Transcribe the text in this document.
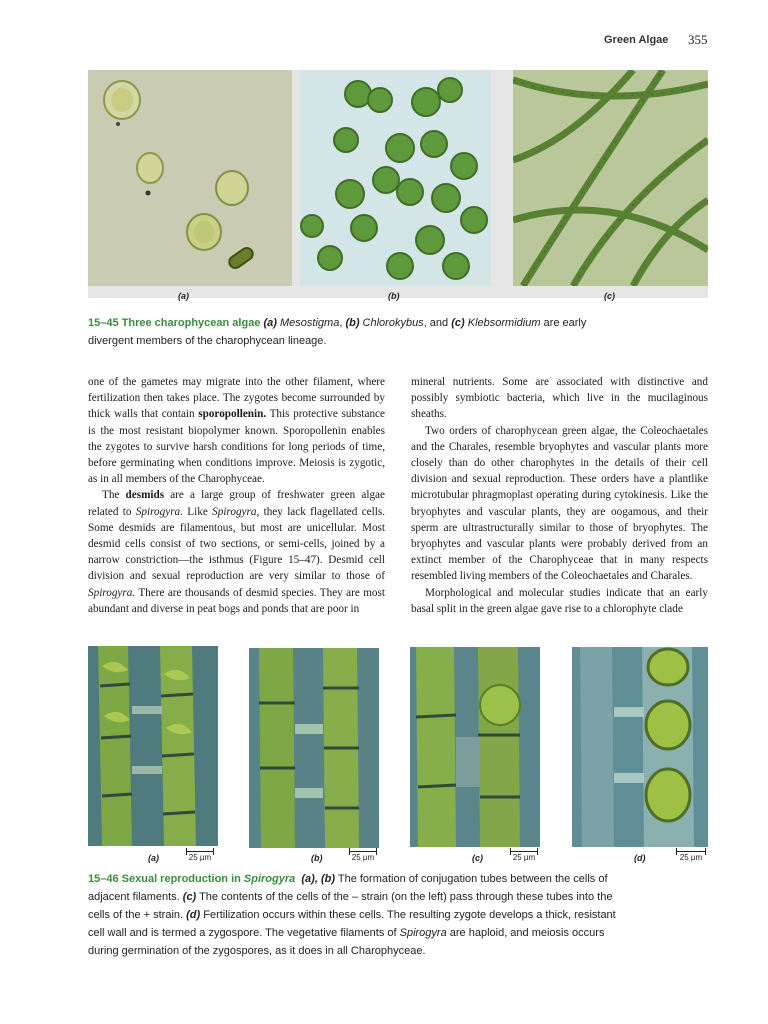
Green Algae 355
(a)	(b)	(c)
15–45 Three charophycean algae (a) Mesostigma, (b) Chlorokybus, and (c) Klebsormidium are early
divergent members of the charophycean lineage.

one of the gametes may migrate into the other filament, where fertilization then takes place. The zygotes become surrounded by thick walls that contain sporopollenin. This protective substance is the most resistant biopolymer known. Sporopollenin enables the zygotes to survive harsh conditions for long periods of time, before germinating when conditions improve. Meiosis is zygotic, as in all members of the Charophyceae.

The desmids are a large group of freshwater green algae related to Spirogyra. Like Spirogyra, they lack flagellated cells. Some desmids are filamentous, but most are unicellular. Most desmid cells consist of two sections, or semi-cells, joined by a narrow constriction—the isthmus (Figure 15–47). Desmid cell division and sexual reproduction are very similar to those of Spirogyra. There are thousands of desmid species. They are most abundant and diverse in peat bogs and ponds that are poor in

mineral nutrients. Some are associated with distinctive and possibly symbiotic bacteria, which live in the mucilaginous sheaths.

Two orders of charophycean green algae, the Coleochaetales and the Charales, resemble bryophytes and vascular plants more closely than do other charophytes in the details of their cell division and sexual reproduction. These orders have a plantlike microtubular phragmoplast operating during cytokinesis. Like the bryophytes and vascular plants, they are oogamous, and their sperm are ultrastructurally similar to those of bryophytes. The bryophytes and vascular plants were probably derived from an extinct member of the Charophyceae that in many respects resembled living members of the Coleochaetales and Charales.

Morphological and molecular studies indicate that an early basal split in the green algae gave rise to a chlorophyte clade

(a)	25 μm	(b)	25 μm	(c)	25 μm	(d)	25 μm
15–46 Sexual reproduction in Spirogyra (a), (b) The formation of conjugation tubes between the cells of
adjacent filaments. (c) The contents of the cells of the – strain (on the left) pass through these tubes into the
cells of the + strain. (d) Fertilization occurs within these cells. The resulting zygote develops a thick, resistant
cell wall and is termed a zygospore. The vegetative filaments of Spirogyra are haploid, and meiosis occurs
during germination of the zygospores, as it does in all Charophyceae.
